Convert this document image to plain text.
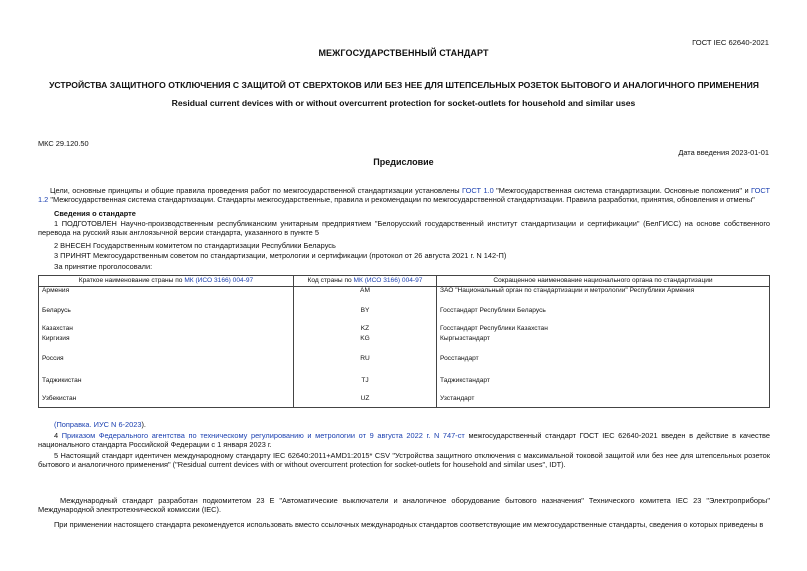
ГОСТ IEC 62640-2021
МЕЖГОСУДАРСТВЕННЫЙ СТАНДАРТ
УСТРОЙСТВА ЗАЩИТНОГО ОТКЛЮЧЕНИЯ С ЗАЩИТОЙ ОТ СВЕРХТОКОВ ИЛИ БЕЗ НЕЕ ДЛЯ ШТЕПСЕЛЬНЫХ РОЗЕТОК БЫТОВОГО И АНАЛОГИЧНОГО ПРИМЕНЕНИЯ
Residual current devices with or without overcurrent protection for socket-outlets for household and similar uses
МКС 29.120.50
Дата введения 2023-01-01
Предисловие
Цели, основные принципы и общие правила проведения работ по межгосударственной стандартизации установлены ГОСТ 1.0 "Межгосударственная система стандартизации. Основные положения" и ГОСТ 1.2 "Межгосударственная система стандартизации. Стандарты межгосударственные, правила и рекомендации по межгосударственной стандартизации. Правила разработки, принятия, обновления и отмены"
Сведения о стандарте
1 ПОДГОТОВЛЕН Научно-производственным республиканским унитарным предприятием "Белорусский государственный институт стандартизации и сертификации" (БелГИСС) на основе собственного перевода на русский язык англоязычной версии стандарта, указанного в пункте 5
2 ВНЕСЕН Государственным комитетом по стандартизации Республики Беларусь
3 ПРИНЯТ Межгосударственным советом по стандартизации, метрологии и сертификации (протокол от 26 августа 2021 г. N 142-П)
За принятие проголосовали:
Краткое наименование страны по МК (ИСО 3166) 004-97	Код страны по МК (ИСО 3166) 004-97	Сокращенное наименование национального органа по стандартизации
Армения	AM	ЗАО "Национальный орган по стандартизации и метрологии" Республики Армения
Беларусь	BY	Госстандарт Республики Беларусь
Казахстан	KZ	Госстандарт Республики Казахстан
Киргизия	KG	Кыргызстандарт
Россия	RU	Росстандарт
Таджикистан	TJ	Таджикстандарт
Узбекистан	UZ	Узстандарт
(Поправка. ИУС N 6-2023).
4 Приказом Федерального агентства по техническому регулированию и метрологии от 9 августа 2022 г. N 747-ст межгосударственный стандарт ГОСТ IEC 62640-2021 введен в действие в качестве национального стандарта Российской Федерации с 1 января 2023 г.
5 Настоящий стандарт идентичен международному стандарту IEC 62640:2011+AMD1:2015* CSV "Устройства защитного отключения с максимальной токовой защитой или без нее для штепсельных розеток бытового и аналогичного применения" ("Residual current devices with or without overcurrent protection for socket-outlets for household and similar uses", IDT).
Международный стандарт разработан подкомитетом 23 Е "Автоматические выключатели и аналогичное оборудование бытового назначения" Технического комитета IEC 23 "Электроприборы" Международной электротехнической комиссии (IEC).
При применении настоящего стандарта рекомендуется использовать вместо ссылочных международных стандартов соответствующие им межгосударственные стандарты, сведения о которых приведены в
